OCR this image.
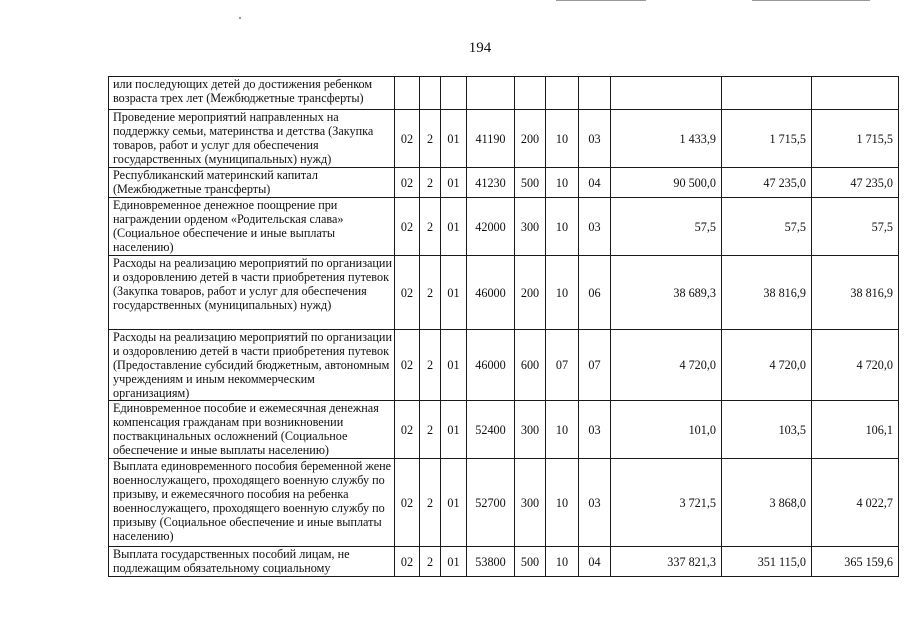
194
или последующих детей до достижения ребенком возраста трех лет (Межбюджетные трансферты)										
Проведение мероприятий направленных на поддержку семьи, материнства и детства (Закупка товаров, работ и услуг для обеспечения государственных (муниципальных) нужд)	02	2	01	41190	200	10	03	1 433,9	1 715,5	1 715,5
Республиканский материнский капитал (Межбюджетные трансферты)	02	2	01	41230	500	10	04	90 500,0	47 235,0	47 235,0
Единовременное денежное поощрение при награждении орденом «Родительская слава» (Социальное обеспечение и иные выплаты населению)	02	2	01	42000	300	10	03	57,5	57,5	57,5
Расходы на реализацию мероприятий по организации и оздоровлению детей в части приобретения путевок (Закупка товаров, работ и услуг для обеспечения государственных (муниципальных) нужд)	02	2	01	46000	200	10	06	38 689,3	38 816,9	38 816,9
Расходы на реализацию мероприятий по организации и оздоровлению детей в части приобретения путевок (Предоставление субсидий бюджетным, автономным учреждениям и иным некоммерческим организациям)	02	2	01	46000	600	07	07	4 720,0	4 720,0	4 720,0
Единовременное пособие и ежемесячная денежная компенсация гражданам при возникновении поствакцинальных осложнений (Социальное обеспечение и иные выплаты населению)	02	2	01	52400	300	10	03	101,0	103,5	106,1
Выплата единовременного пособия беременной жене военнослужащего, проходящего военную службу по призыву, и ежемесячного пособия на ребенка военнослужащего, проходящего военную службу по призыву (Социальное обеспечение и иные выплаты населению)	02	2	01	52700	300	10	03	3 721,5	3 868,0	4 022,7
Выплата государственных пособий лицам, не подлежащим обязательному социальному	02	2	01	53800	500	10	04	337 821,3	351 115,0	365 159,6
